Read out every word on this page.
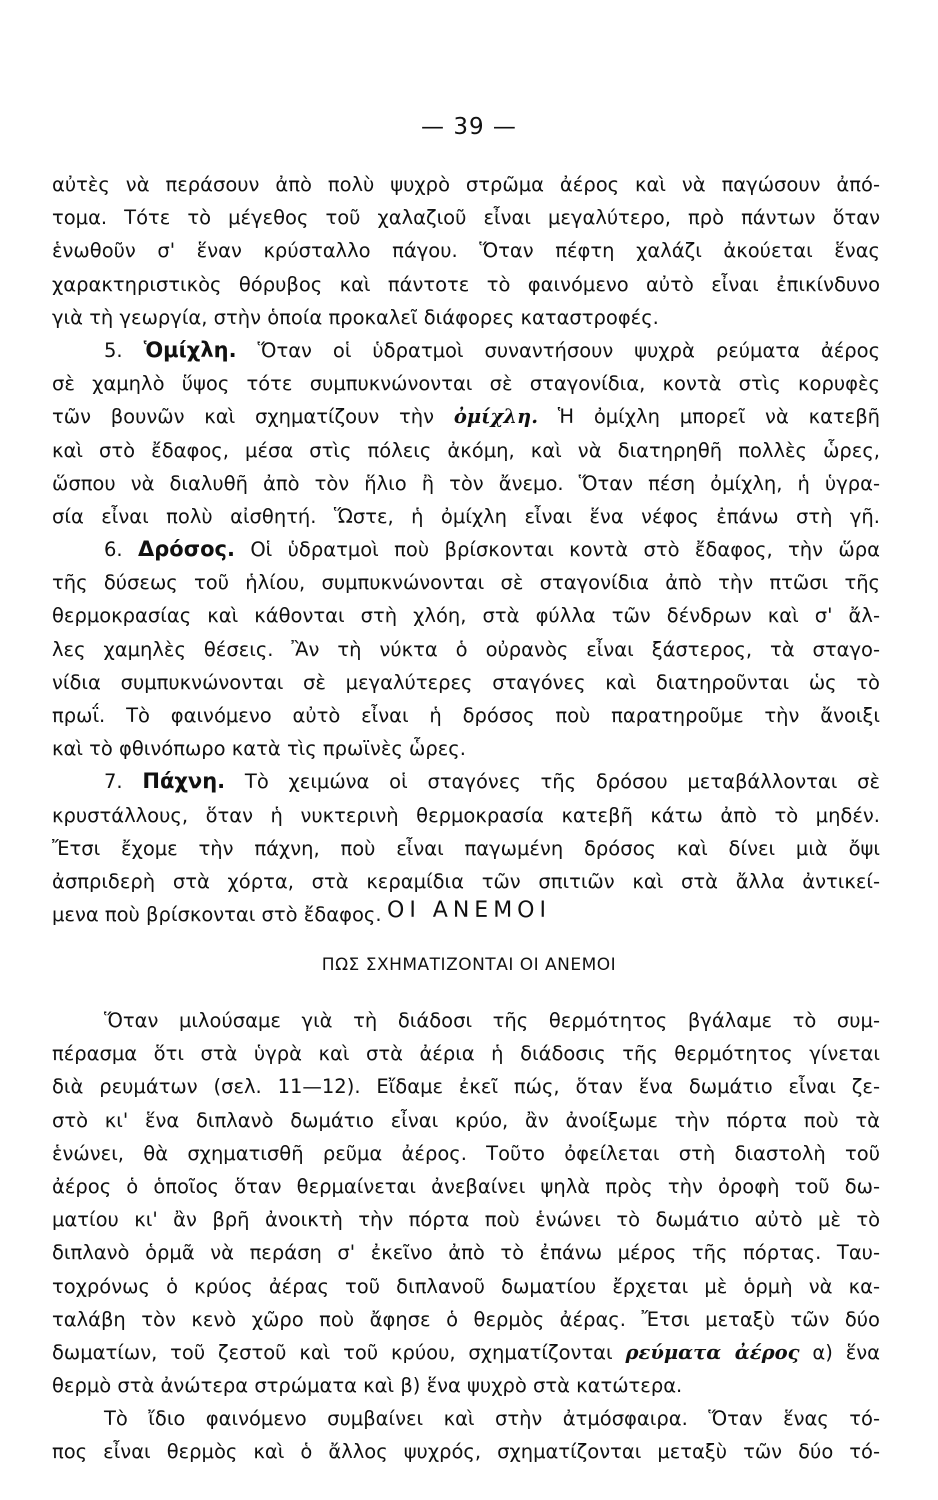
— 39 —
αὐτὲς νὰ περάσουν ἀπὸ πολὺ ψυχρὸ στρῶμα ἀέρος καὶ νὰ παγώσουν ἀπό-
τομα. Τότε τὸ μέγεθος τοῦ χαλαζιοῦ εἶναι μεγαλύτερο, πρὸ πάντων ὅταν
ἑνωθοῦν σ' ἕναν κρύσταλλο πάγου. Ὅταν πέφτη χαλάζι ἀκούεται ἕνας
χαρακτηριστικὸς θόρυβος καὶ πάντοτε τὸ φαινόμενο αὐτὸ εἶναι ἐπικίνδυνο
γιὰ τὴ γεωργία, στὴν ὁποία προκαλεῖ διάφορες καταστροφές.
5. Ὁμίχλη. Ὅταν οἱ ὑδρατμοὶ συναντήσουν ψυχρὰ ρεύματα ἀέρος
σὲ χαμηλὸ ὕψος τότε συμπυκνώνονται σὲ σταγονίδια, κοντὰ στὶς κορυφὲς
τῶν βουνῶν καὶ σχηματίζουν τὴν ὀμίχλη. Ἡ ὀμίχλη μπορεῖ νὰ κατεβῆ
καὶ στὸ ἔδαφος, μέσα στὶς πόλεις ἀκόμη, καὶ νὰ διατηρηθῆ πολλὲς ὧρες,
ὥσπου νὰ διαλυθῆ ἀπὸ τὸν ἥλιο ἢ τὸν ἄνεμο. Ὅταν πέση ὀμίχλη, ἡ ὑγρα-
σία εἶναι πολὺ αἰσθητή. Ὥστε, ἡ ὀμίχλη εἶναι ἕνα νέφος ἐπάνω στὴ γῆ.
6. Δρόσος. Οἱ ὑδρατμοὶ ποὺ βρίσκονται κοντὰ στὸ ἔδαφος, τὴν ὥρα
τῆς δύσεως τοῦ ἡλίου, συμπυκνώνονται σὲ σταγονίδια ἀπὸ τὴν πτῶσι τῆς
θερμοκρασίας καὶ κάθονται στὴ χλόη, στὰ φύλλα τῶν δένδρων καὶ σ' ἄλ-
λες χαμηλὲς θέσεις. Ἂν τὴ νύκτα ὁ οὐρανὸς εἶναι ξάστερος, τὰ σταγο-
νίδια συμπυκνώνονται σὲ μεγαλύτερες σταγόνες καὶ διατηροῦνται ὡς τὸ
πρωΐ. Τὸ φαινόμενο αὐτὸ εἶναι ἡ δρόσος ποὺ παρατηροῦμε τὴν ἄνοιξι
καὶ τὸ φθινόπωρο κατὰ τὶς πρωϊνὲς ὧρες.
7. Πάχνη. Τὸ χειμώνα οἱ σταγόνες τῆς δρόσου μεταβάλλονται σὲ
κρυστάλλους, ὅταν ἡ νυκτερινὴ θερμοκρασία κατεβῆ κάτω ἀπὸ τὸ μηδέν.
Ἔτσι ἔχομε τὴν πάχνη, ποὺ εἶναι παγωμένη δρόσος καὶ δίνει μιὰ ὄψι
ἀσπριδερὴ στὰ χόρτα, στὰ κεραμίδια τῶν σπιτιῶν καὶ στὰ ἄλλα ἀντικεί-
μενα ποὺ βρίσκονται στὸ ἔδαφος. ΟΙ ΑΝΕΜΟΙ
ΠΩΣ ΣΧΗΜΑΤΙΖΟΝΤΑΙ ΟΙ ΑΝΕΜΟΙ
Ὅταν μιλούσαμε γιὰ τὴ διάδοσι τῆς θερμότητος βγάλαμε τὸ συμ-
πέρασμα ὅτι στὰ ὑγρὰ καὶ στὰ ἀέρια ἡ διάδοσις τῆς θερμότητος γίνεται
διὰ ρευμάτων (σελ. 11—12). Εἴδαμε ἐκεῖ πώς, ὅταν ἕνα δωμάτιο εἶναι ζε-
στὸ κι' ἕνα διπλανὸ δωμάτιο εἶναι κρύο, ἂν ἀνοίξωμε τὴν πόρτα ποὺ τὰ
ἑνώνει, θὰ σχηματισθῆ ρεῦμα ἀέρος. Τοῦτο ὀφείλεται στὴ διαστολὴ τοῦ
ἀέρος ὁ ὁποῖος ὅταν θερμαίνεται ἀνεβαίνει ψηλὰ πρὸς τὴν ὀροφὴ τοῦ δω-
ματίου κι' ἂν βρῆ ἀνοικτὴ τὴν πόρτα ποὺ ἑνώνει τὸ δωμάτιο αὐτὸ μὲ τὸ
διπλανὸ ὁρμᾶ νὰ περάση σ' ἐκεῖνο ἀπὸ τὸ ἐπάνω μέρος τῆς πόρτας. Ταυ-
τοχρόνως ὁ κρύος ἀέρας τοῦ διπλανοῦ δωματίου ἔρχεται μὲ ὁρμὴ νὰ κα-
ταλάβη τὸν κενὸ χῶρο ποὺ ἄφησε ὁ θερμὸς ἀέρας. Ἔτσι μεταξὺ τῶν δύο
δωματίων, τοῦ ζεστοῦ καὶ τοῦ κρύου, σχηματίζονται ρεύματα ἀέρος α) ἕνα
θερμὸ στὰ ἀνώτερα στρώματα καὶ β) ἕνα ψυχρὸ στὰ κατώτερα.
Τὸ ἴδιο φαινόμενο συμβαίνει καὶ στὴν ἀτμόσφαιρα. Ὅταν ἕνας τό-
πος εἶναι θερμὸς καὶ ὁ ἄλλος ψυχρός, σχηματίζονται μεταξὺ τῶν δύο τό-
